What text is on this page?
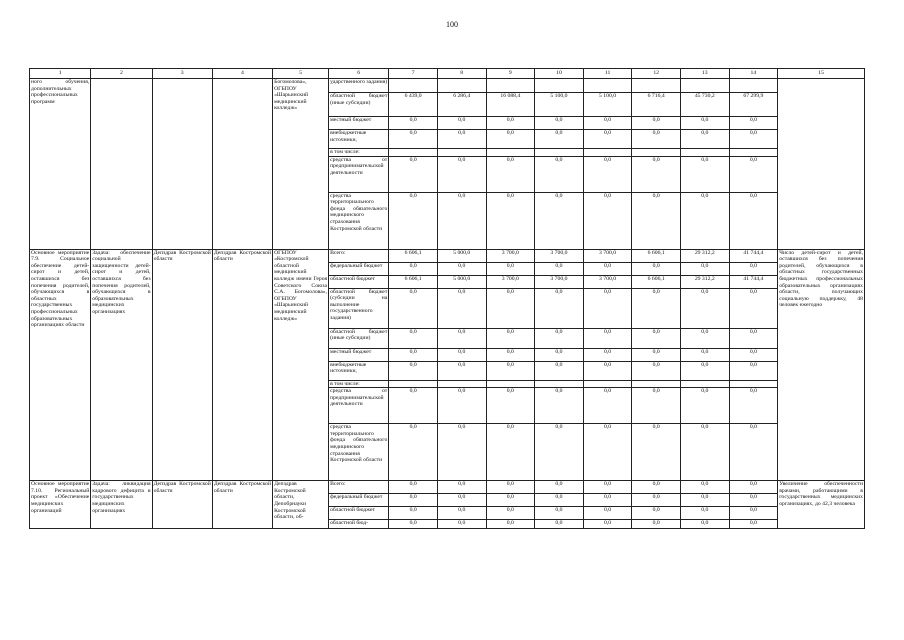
100
1	2	3	4	5	6	7	8	9	10	11	12	13	14	15
ного обучения, дополнительных профессиональных программ				Богомолова», ОГБПОУ «Шарьинский медицинский колледж»	ударственного задания)									
					областной бюджет (иные субсидии)	6 439,0	6 286,4	16 088,4	5 100,0	5 100,0	6 716,4	45 730,2	67 299,9	
					местный бюджет	0,0	0,0	0,0	0,0	0,0	0,0	0,0	0,0	
					внебюджетные источники,	0,0	0,0	0,0	0,0	0,0	0,0	0,0	0,0	
					в том числе:									
					средства от предпринимательской деятельности	0,0	0,0	0,0	0,0	0,0	0,0	0,0	0,0	
					средства территориального фонда обязательного медицинского страхования Костромской области	0,0	0,0	0,0	0,0	0,0	0,0	0,0	0,0	
Основное мероприятие 7.9. Социальное обеспечение детей-сирот и детей, оставшихся без попечения родителей, обучающихся в областных государственных профессиональных образовательных организациях области	Задача: обеспечение социальной защищенности детей-сирот и детей, оставшихся без попечения родителей, обучающихся в образовательных медицинских организациях	Депздрав Костромской области	Депздрав Костромской области	ОГБПОУ «Костромской областной медицинский колледж имени Героя Советского Союза С.А. Богомолова», ОГБПОУ «Шарьинский медицинский колледж»	Всего:	6 606,1	5 000,0	3 700,0	3 700,0	3 700,0	6 606,1	29 312,2	41 744,4	Число детей-сирот и детей, оставшихся без попечения родителей, обучающихся в областных государственных бюджетных профессиональных образовательных организациях области, получающих социальную поддержку, 48 человек ежегодно
					федеральный бюджет	0,0	0,0	0,0	0,0	0,0	0,0	0,0	0,0	
					областной бюджет	6 606,1	5 000,0	3 700,0	3 700,0	3 700,0	6 606,1	29 312,2	41 744,4	
					областной бюджет (субсидии на выполнение государственного задания)	0,0	0,0	0,0	0,0	0,0	0,0	0,0	0,0	
					областной бюджет (иные субсидии)	0,0	0,0	0,0	0,0	0,0	0,0	0,0	0,0	
					местный бюджет	0,0	0,0	0,0	0,0	0,0	0,0	0,0	0,0	
					внебюджетные источники,	0,0	0,0	0,0	0,0	0,0	0,0	0,0	0,0	
					в том числе:									
					средства от предпринимательской деятельности	0,0	0,0	0,0	0,0	0,0	0,0	0,0	0,0	
					средства территориального фонда обязательного медицинского страхования Костромской области	0,0	0,0	0,0	0,0	0,0	0,0	0,0	0,0	
Основное мероприятие 7.10. Региональный проект «Обеспечение медицинских организаций	Задача: ликвидация кадрового дефицита в государственных медицинских организациях	Депздрав Костромской области	Депздрав Костромской области	Депздрав Костромской области, Депобрнауки Костромской области, об-	Всего:	0,0	0,0	0,0	0,0	0,0	0,0	0,0	0,0	Увеличение обеспеченности врачами, работающими в государственных медицинских организациях, до 42,3 человека
					федеральный бюджет	0,0	0,0	0,0	0,0	0,0	0,0	0,0	0,0	
					областной бюджет	0,0	0,0	0,0	0,0	0,0	0,0	0,0	0,0	
					областной бюд-	0,0	0,0	0,0	0,0	0,0	0,0	0,0	0,0	
